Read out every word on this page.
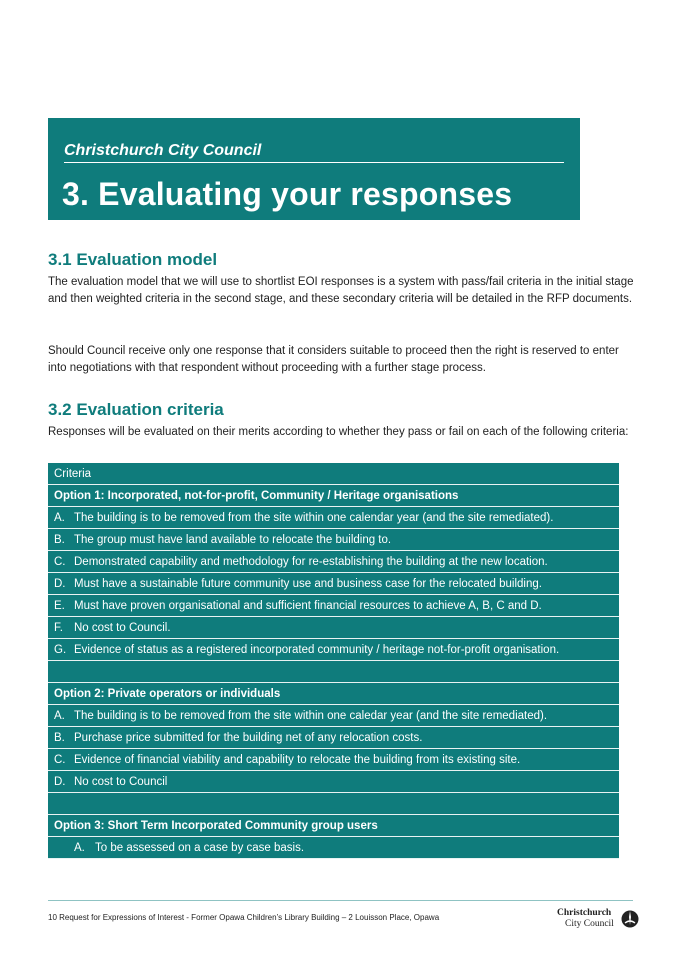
Christchurch City Council
3. Evaluating your responses
3.1 Evaluation model

The evaluation model that we will use to shortlist EOI responses is a system with pass/fail criteria in the initial stage and then weighted criteria in the second stage, and these secondary criteria will be detailed in the RFP documents.

Should Council receive only one response that it considers suitable to proceed then the right is reserved to enter into negotiations with that respondent without proceeding with a further stage process.

3.2 Evaluation criteria

Responses will be evaluated on their merits according to whether they pass or fail on each of the following criteria:

Criteria
Option 1: Incorporated, not-for-profit, Community / Heritage organisations
A. The building is to be removed from the site within one calendar year (and the site remediated).
B. The group must have land available to relocate the building to.
C. Demonstrated capability and methodology for re-establishing the building at the new location.
D. Must have a sustainable future community use and business case for the relocated building.
E. Must have proven organisational and sufficient financial resources to achieve A, B, C and D.
F. No cost to Council.
G. Evidence of status as a registered incorporated community / heritage not-for-profit organisation.
Option 2: Private operators or individuals
A. The building is to be removed from the site within one caledar year (and the site remediated).
B. Purchase price submitted for the building net of any relocation costs.
C. Evidence of financial viability and capability to relocate the building from its existing site.
D. No cost to Council
Option 3: Short Term Incorporated Community group users
A. To be assessed on a case by case basis.
10 Request for Expressions of Interest - Former Opawa Children’s Library Building – 2 Louisson Place, Opawa	Christchurch
City Council
